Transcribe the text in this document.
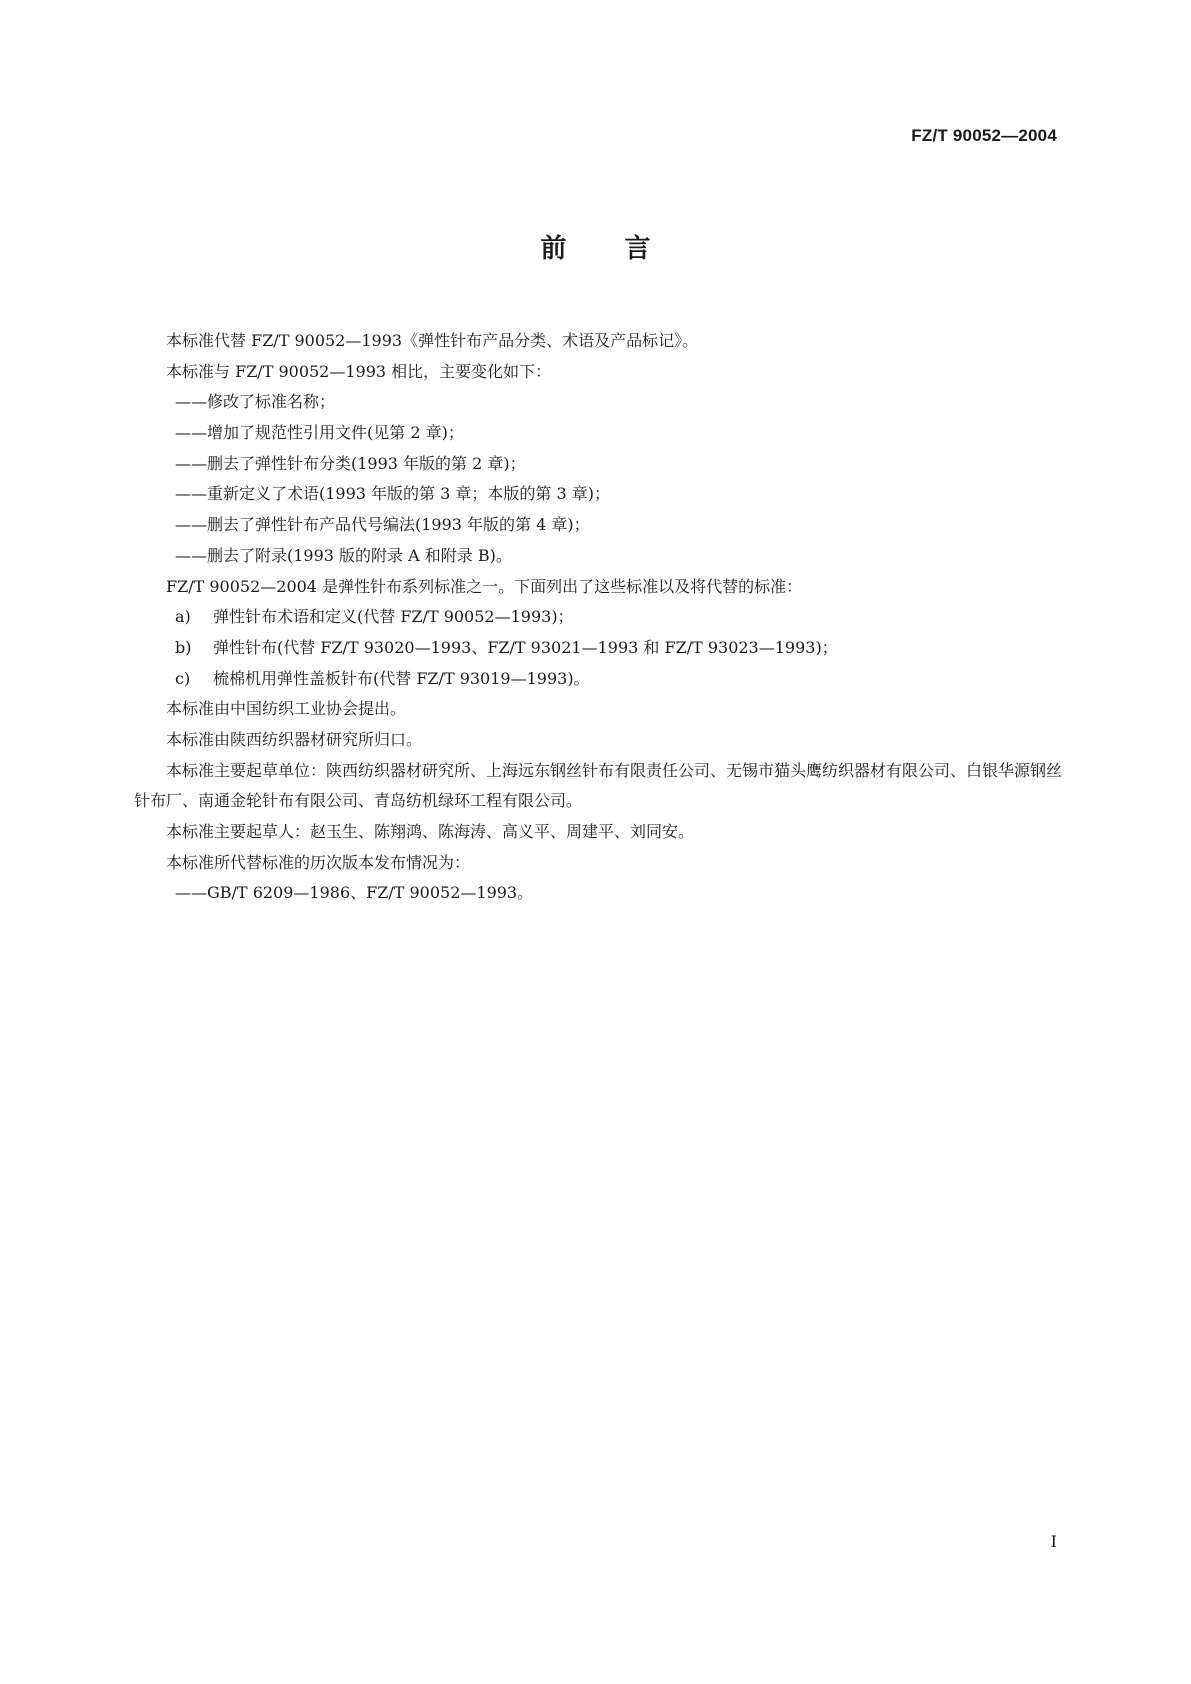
FZ/T 90052—2004
前言
本标准代替 FZ/T 90052—1993《弹性针布产品分类、术语及产品标记》。
本标准与 FZ/T 90052—1993 相比，主要变化如下：
——修改了标准名称；
——增加了规范性引用文件(见第 2 章)；
——删去了弹性针布分类(1993 年版的第 2 章)；
——重新定义了术语(1993 年版的第 3 章；本版的第 3 章)；
——删去了弹性针布产品代号编法(1993 年版的第 4 章)；
——删去了附录(1993 版的附录 A 和附录 B)。
FZ/T 90052—2004 是弹性针布系列标准之一。下面列出了这些标准以及将代替的标准：
a) 弹性针布术语和定义(代替 FZ/T 90052—1993)；
b) 弹性针布(代替 FZ/T 93020—1993、FZ/T 93021—1993 和 FZ/T 93023—1993)；
c) 梳棉机用弹性盖板针布(代替 FZ/T 93019—1993)。
本标准由中国纺织工业协会提出。
本标准由陕西纺织器材研究所归口。
本标准主要起草单位：陕西纺织器材研究所、上海远东钢丝针布有限责任公司、无锡市猫头鹰纺织器材有限公司、白银华源钢丝针布厂、南通金轮针布有限公司、青岛纺机绿环工程有限公司。
本标准主要起草人：赵玉生、陈翔鸿、陈海涛、高义平、周建平、刘同安。
本标准所代替标准的历次版本发布情况为：
——GB/T 6209—1986、FZ/T 90052—1993。
I
